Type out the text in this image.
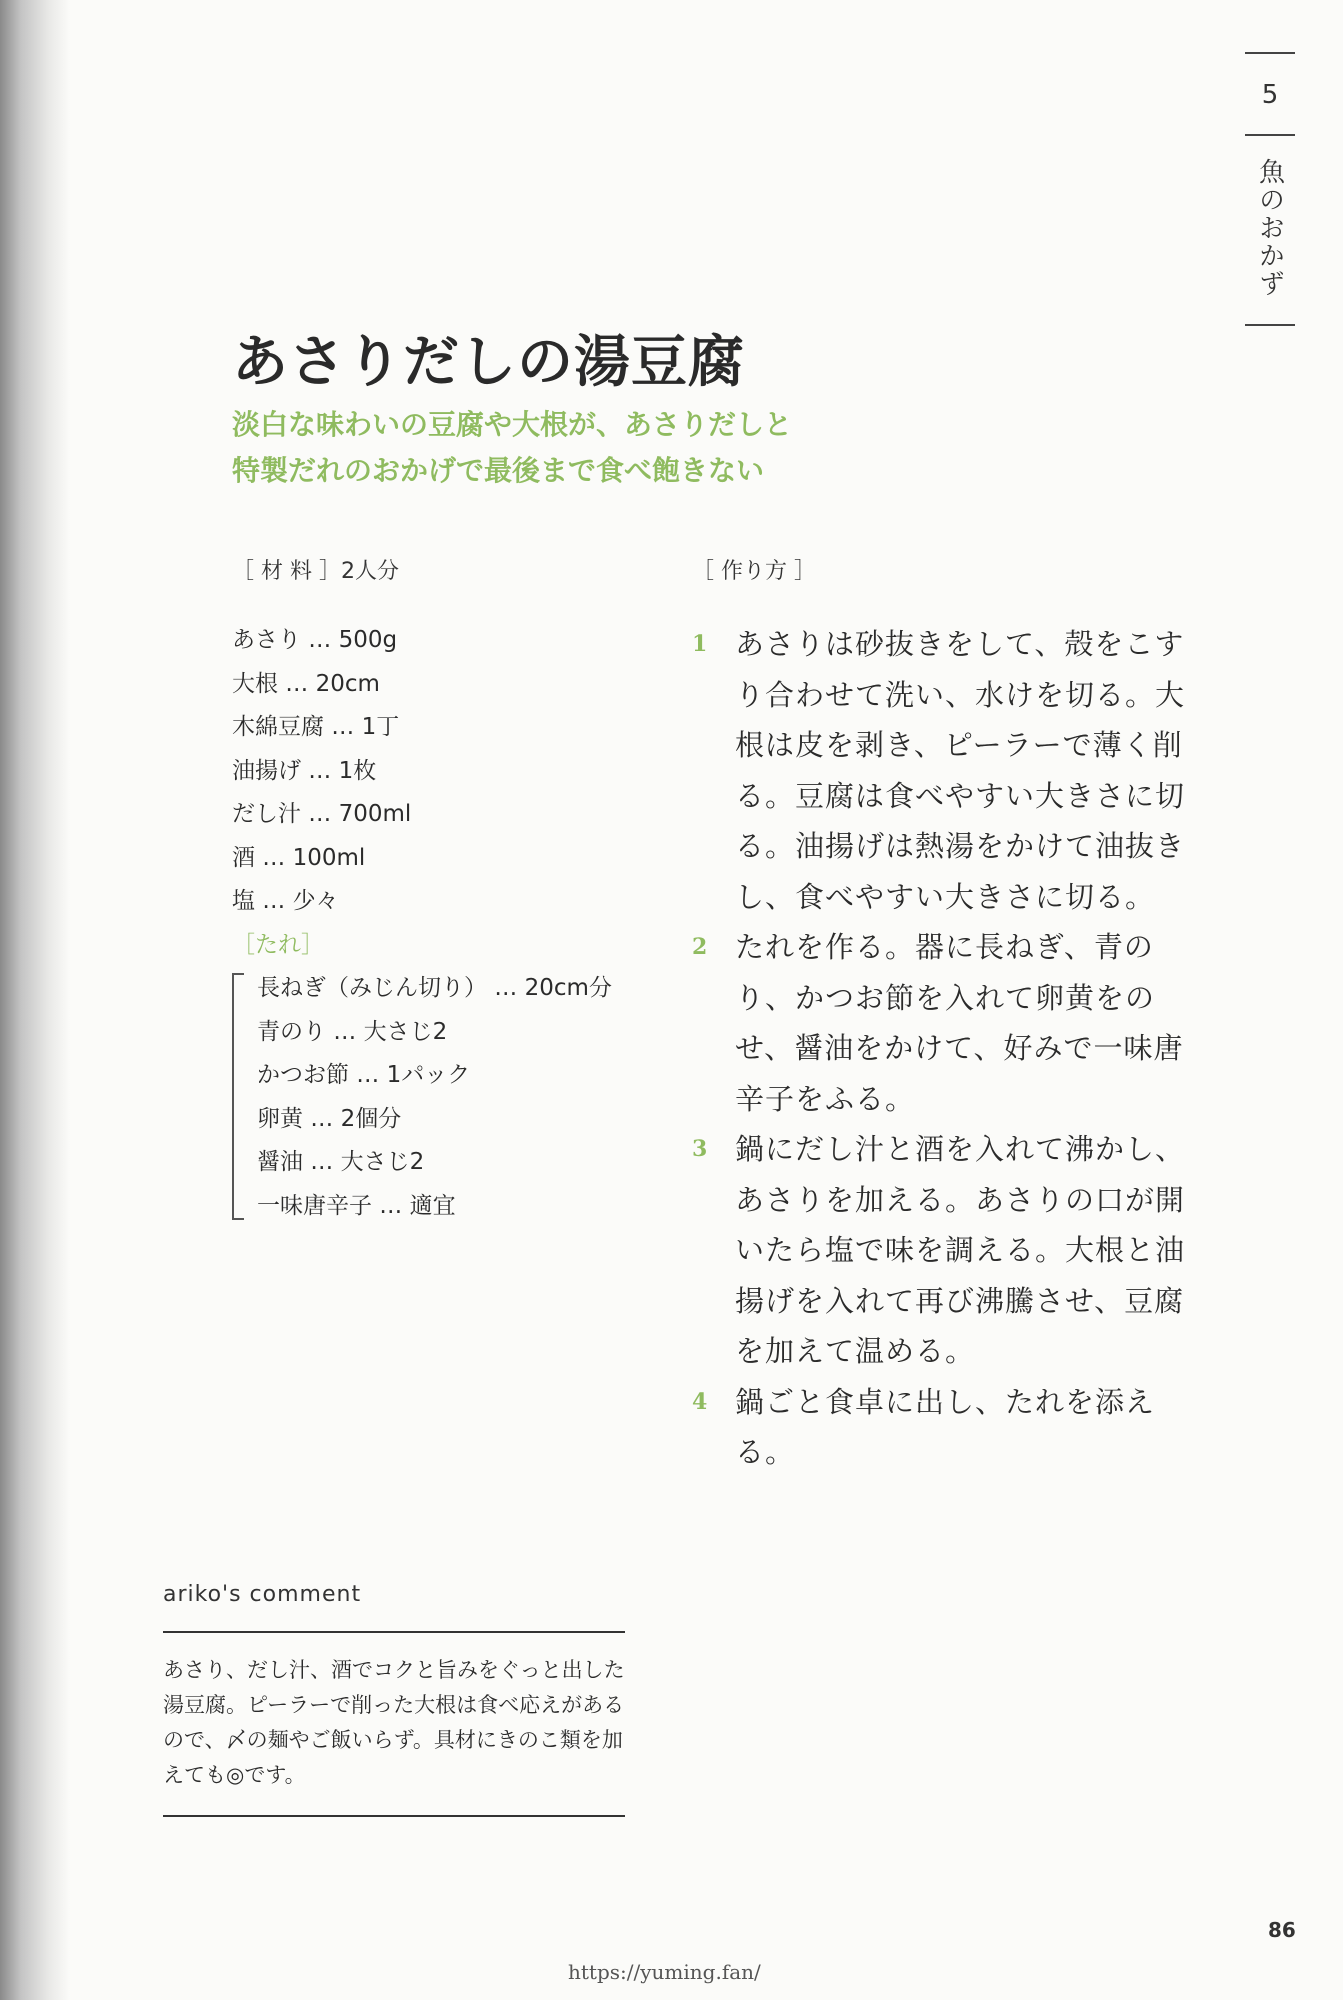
5
魚のおかず
あさりだしの湯豆腐
淡白な味わいの豆腐や大根が、あさりだしと
特製だれのおかげで最後まで食べ飽きない
［ 材 料 ］2人分
あさり … 500g
大根 … 20cm
木綿豆腐 … 1丁
油揚げ … 1枚
だし汁 … 700ml
酒 … 100ml
塩 … 少々
［たれ］
長ねぎ（みじん切り） … 20cm分
青のり … 大さじ2
かつお節 … 1パック
卵黄 … 2個分
醤油 … 大さじ2
一味唐辛子 … 適宜
［ 作り方 ］
1 あさりは砂抜きをして、殻をこすり合わせて洗い、水けを切る。大根は皮を剥き、ピーラーで薄く削る。豆腐は食べやすい大きさに切る。油揚げは熱湯をかけて油抜きし、食べやすい大きさに切る。
2 たれを作る。器に長ねぎ、青のり、かつお節を入れて卵黄をのせ、醤油をかけて、好みで一味唐辛子をふる。
3 鍋にだし汁と酒を入れて沸かし、あさりを加える。あさりの口が開いたら塩で味を調える。大根と油揚げを入れて再び沸騰させ、豆腐を加えて温める。
4 鍋ごと食卓に出し、たれを添える。
ariko's comment
あさり、だし汁、酒でコクと旨みをぐっと出した湯豆腐。ピーラーで削った大根は食べ応えがあるので、〆の麺やご飯いらず。具材にきのこ類を加えても◎です。
86
https://yuming.fan/
